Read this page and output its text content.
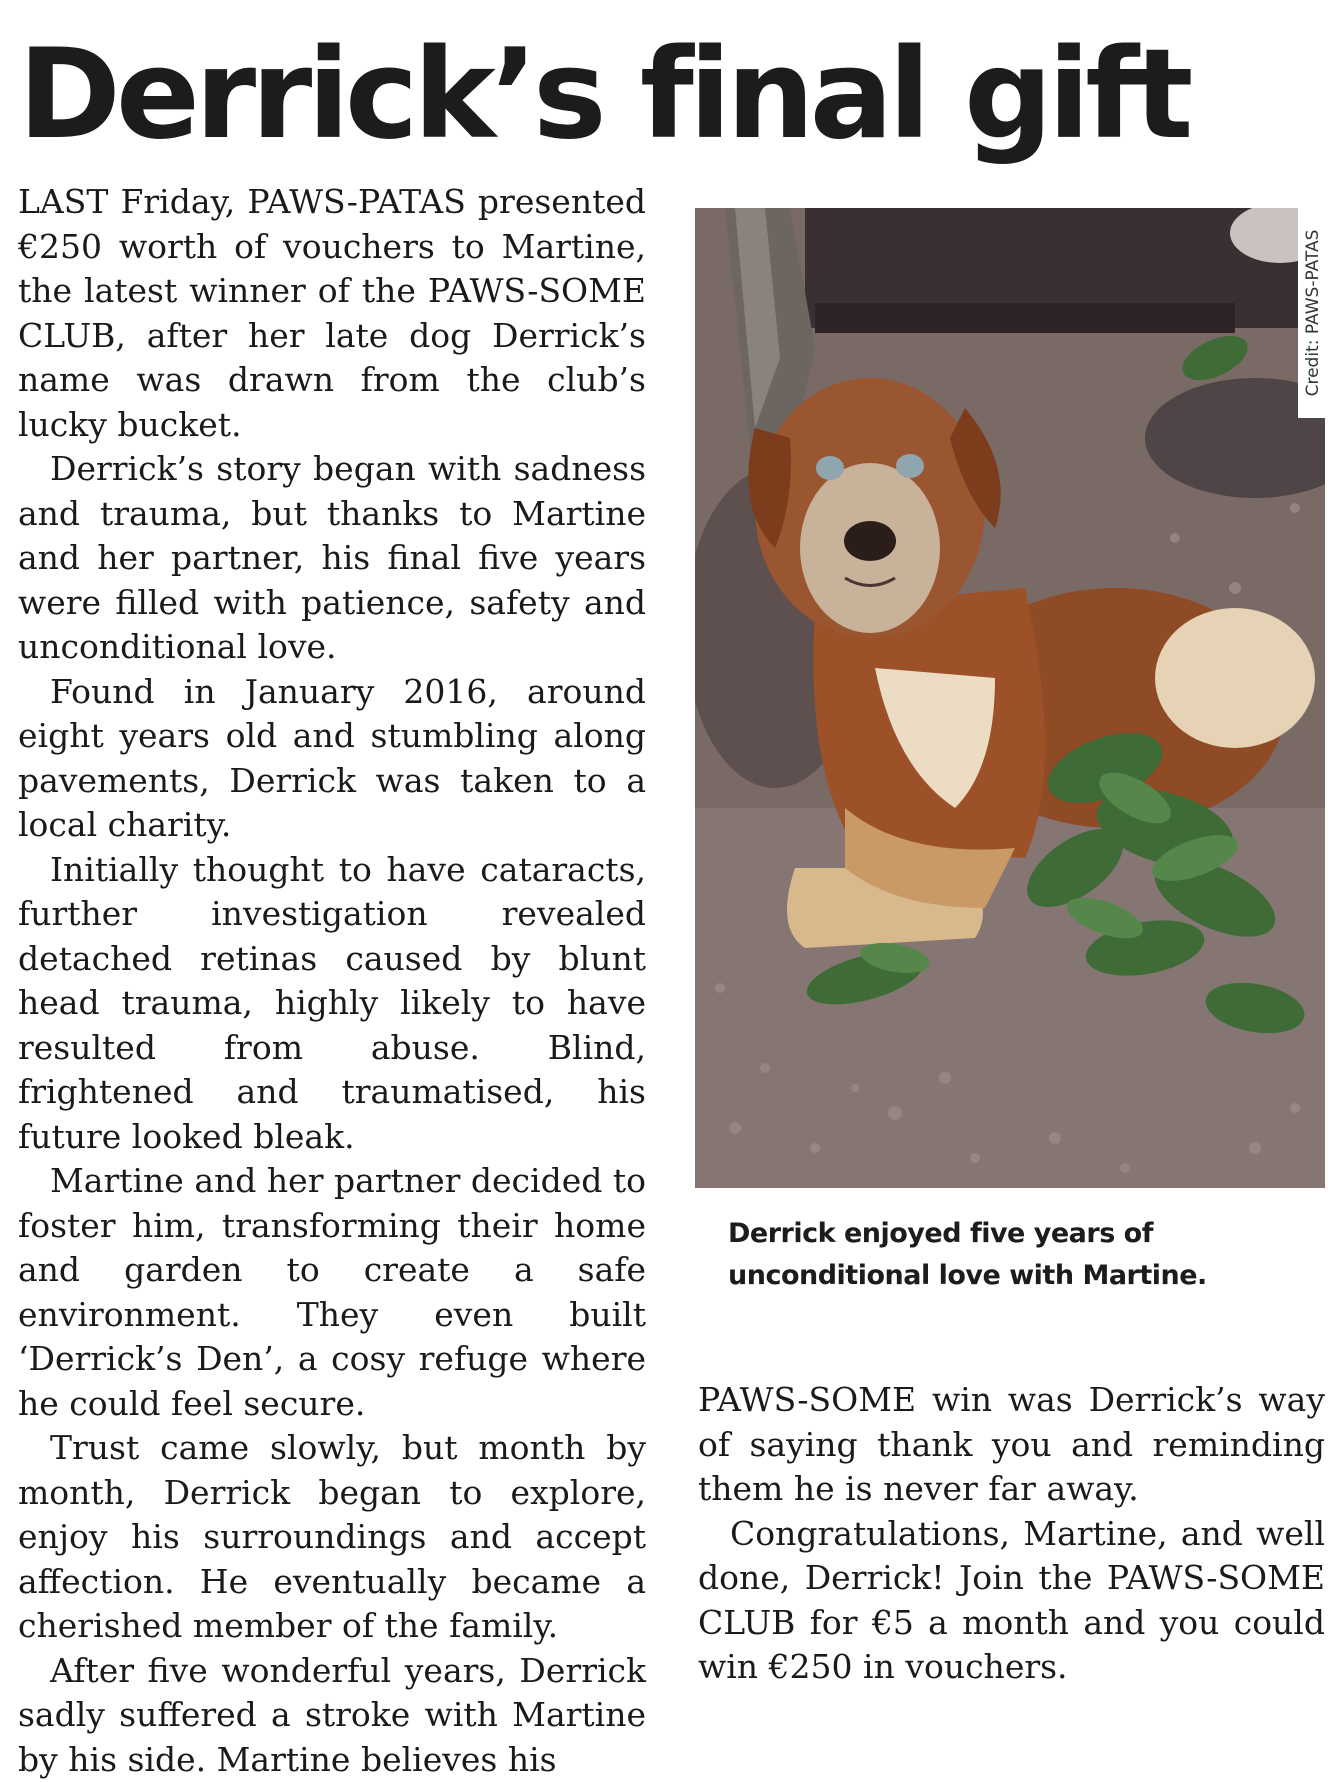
Derrick’s final gift

LAST Friday, PAWS-PATAS presented €250 worth of vouchers to Martine, the latest winner of the PAWS-SOME CLUB, after her late dog Derrick’s name was drawn from the club’s lucky bucket.

Derrick’s story began with sadness and trauma, but thanks to Martine and her partner, his final five years were filled with patience, safety and unconditional love.

Found in January 2016, around eight years old and stumbling along pavements, Derrick was taken to a local charity.

Initially thought to have cataracts, further investigation revealed detached retinas caused by blunt head trauma, highly likely to have resulted from abuse. Blind, frightened and traumatised, his future looked bleak.

Martine and her partner decided to foster him, transforming their home and garden to create a safe environment. They even built ‘Derrick’s Den’, a cosy refuge where he could feel secure.

Trust came slowly, but month by month, Derrick began to explore, enjoy his surroundings and accept affection. He eventually became a cherished member of the family.

After five wonderful years, Derrick sadly suffered a stroke with Martine by his side. Martine believes his

Credit: PAWS-PATAS

Derrick enjoyed five years of unconditional love with Martine.

PAWS-SOME win was Derrick’s way of saying thank you and reminding them he is never far away.

Congratulations, Martine, and well done, Derrick! Join the PAWS-SOME CLUB for €5 a month and you could win €250 in vouchers.
